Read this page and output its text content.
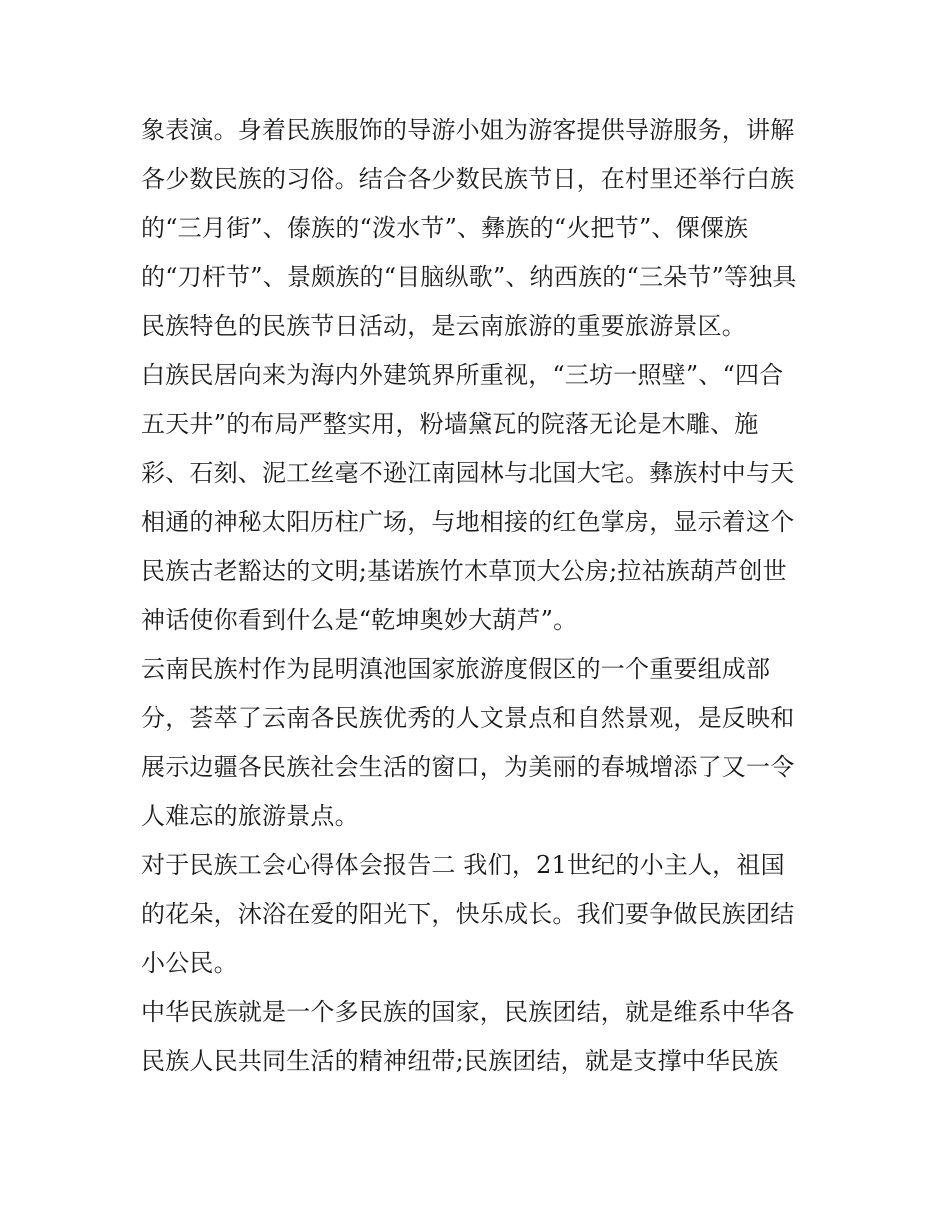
象表演。身着民族服饰的导游小姐为游客提供导游服务，讲解
各少数民族的习俗。结合各少数民族节日，在村里还举行白族
的“三月街”、傣族的“泼水节”、彝族的“火把节”、傈僳族
的“刀杆节”、景颇族的“目脑纵歌”、纳西族的“三朵节”等独具
民族特色的民族节日活动，是云南旅游的重要旅游景区。
白族民居向来为海内外建筑界所重视，“三坊一照壁”、“四合
五天井”的布局严整实用，粉墙黛瓦的院落无论是木雕、施
彩、石刻、泥工丝毫不逊江南园林与北国大宅。彝族村中与天
相通的神秘太阳历柱广场，与地相接的红色掌房，显示着这个
民族古老豁达的文明;基诺族竹木草顶大公房;拉祜族葫芦创世
神话使你看到什么是“乾坤奥妙大葫芦”。
云南民族村作为昆明滇池国家旅游度假区的一个重要组成部
分，荟萃了云南各民族优秀的人文景点和自然景观，是反映和
展示边疆各民族社会生活的窗口，为美丽的春城增添了又一令
人难忘的旅游景点。
对于民族工会心得体会报告二 我们，21世纪的小主人，祖国
的花朵，沐浴在爱的阳光下，快乐成长。我们要争做民族团结
小公民。
中华民族就是一个多民族的国家，民族团结，就是维系中华各
民族人民共同生活的精神纽带;民族团结，就是支撑中华民族
